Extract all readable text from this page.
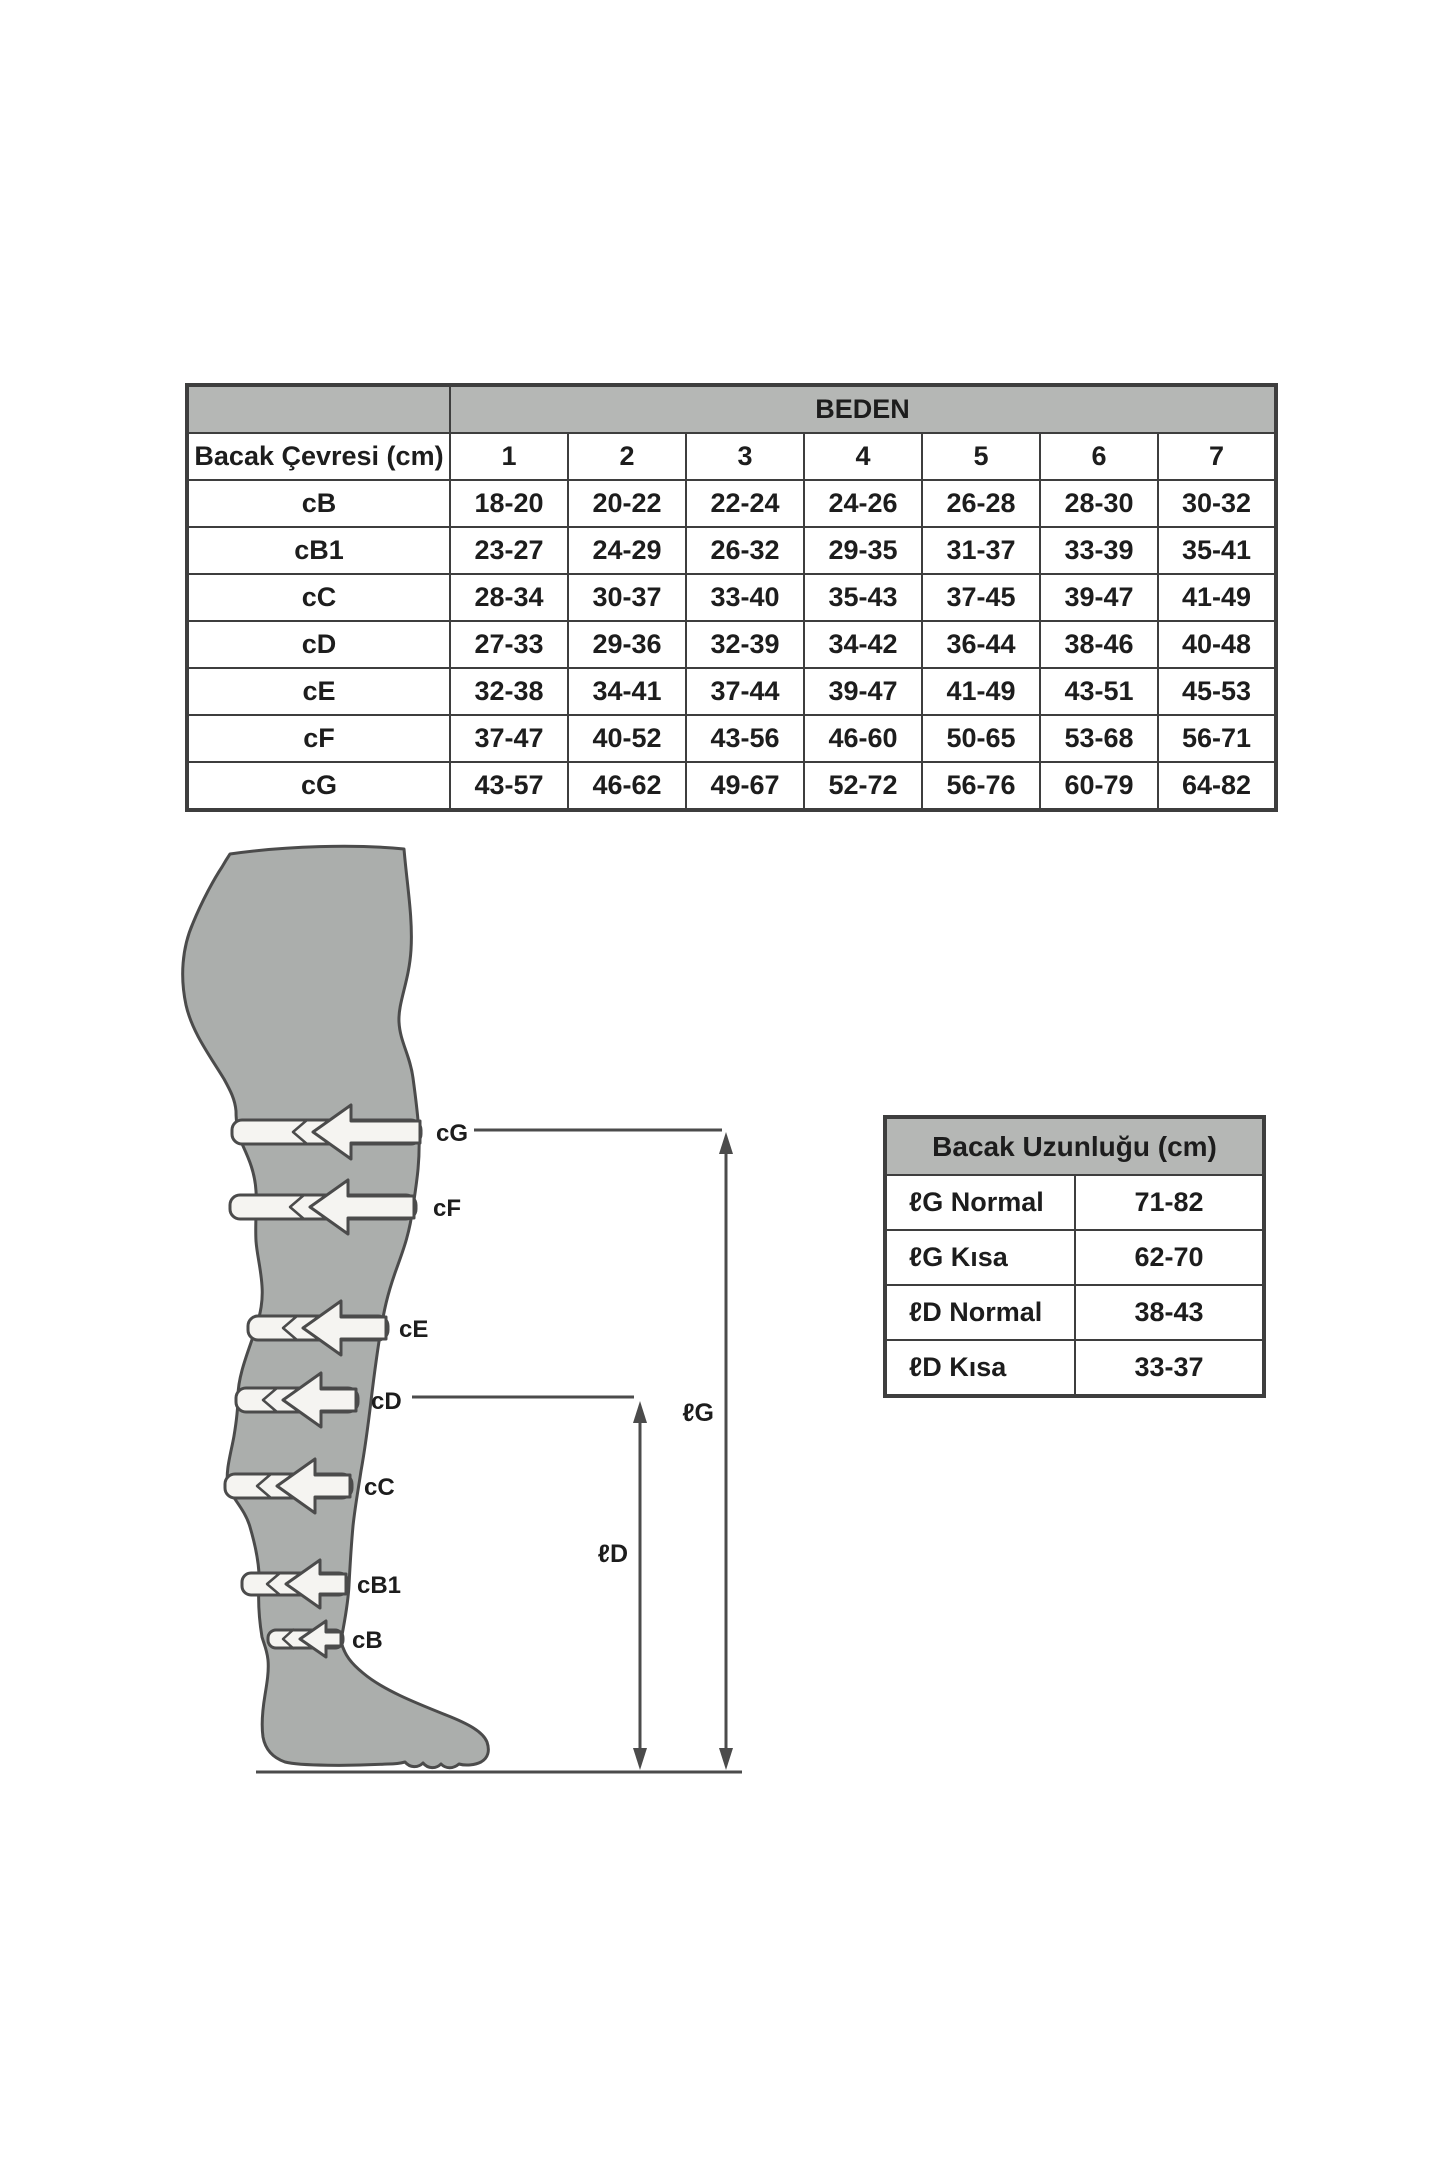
	BEDEN						
Bacak Çevresi (cm)	1	2	3	4	5	6	7
cB	18-20	20-22	22-24	24-26	26-28	28-30	30-32
cB1	23-27	24-29	26-32	29-35	31-37	33-39	35-41
cC	28-34	30-37	33-40	35-43	37-45	39-47	41-49
cD	27-33	29-36	32-39	34-42	36-44	38-46	40-48
cE	32-38	34-41	37-44	39-47	41-49	43-51	45-53
cF	37-47	40-52	43-56	46-60	50-65	53-68	56-71
cG	43-57	46-62	49-67	52-72	56-76	60-79	64-82
cG
cF
cE
cD
cC
cB1
cB
ℓG
ℓD
Bacak Uzunluğu (cm)	
ℓG Normal	71-82
ℓG Kısa	62-70
ℓD Normal	38-43
ℓD Kısa	33-37
